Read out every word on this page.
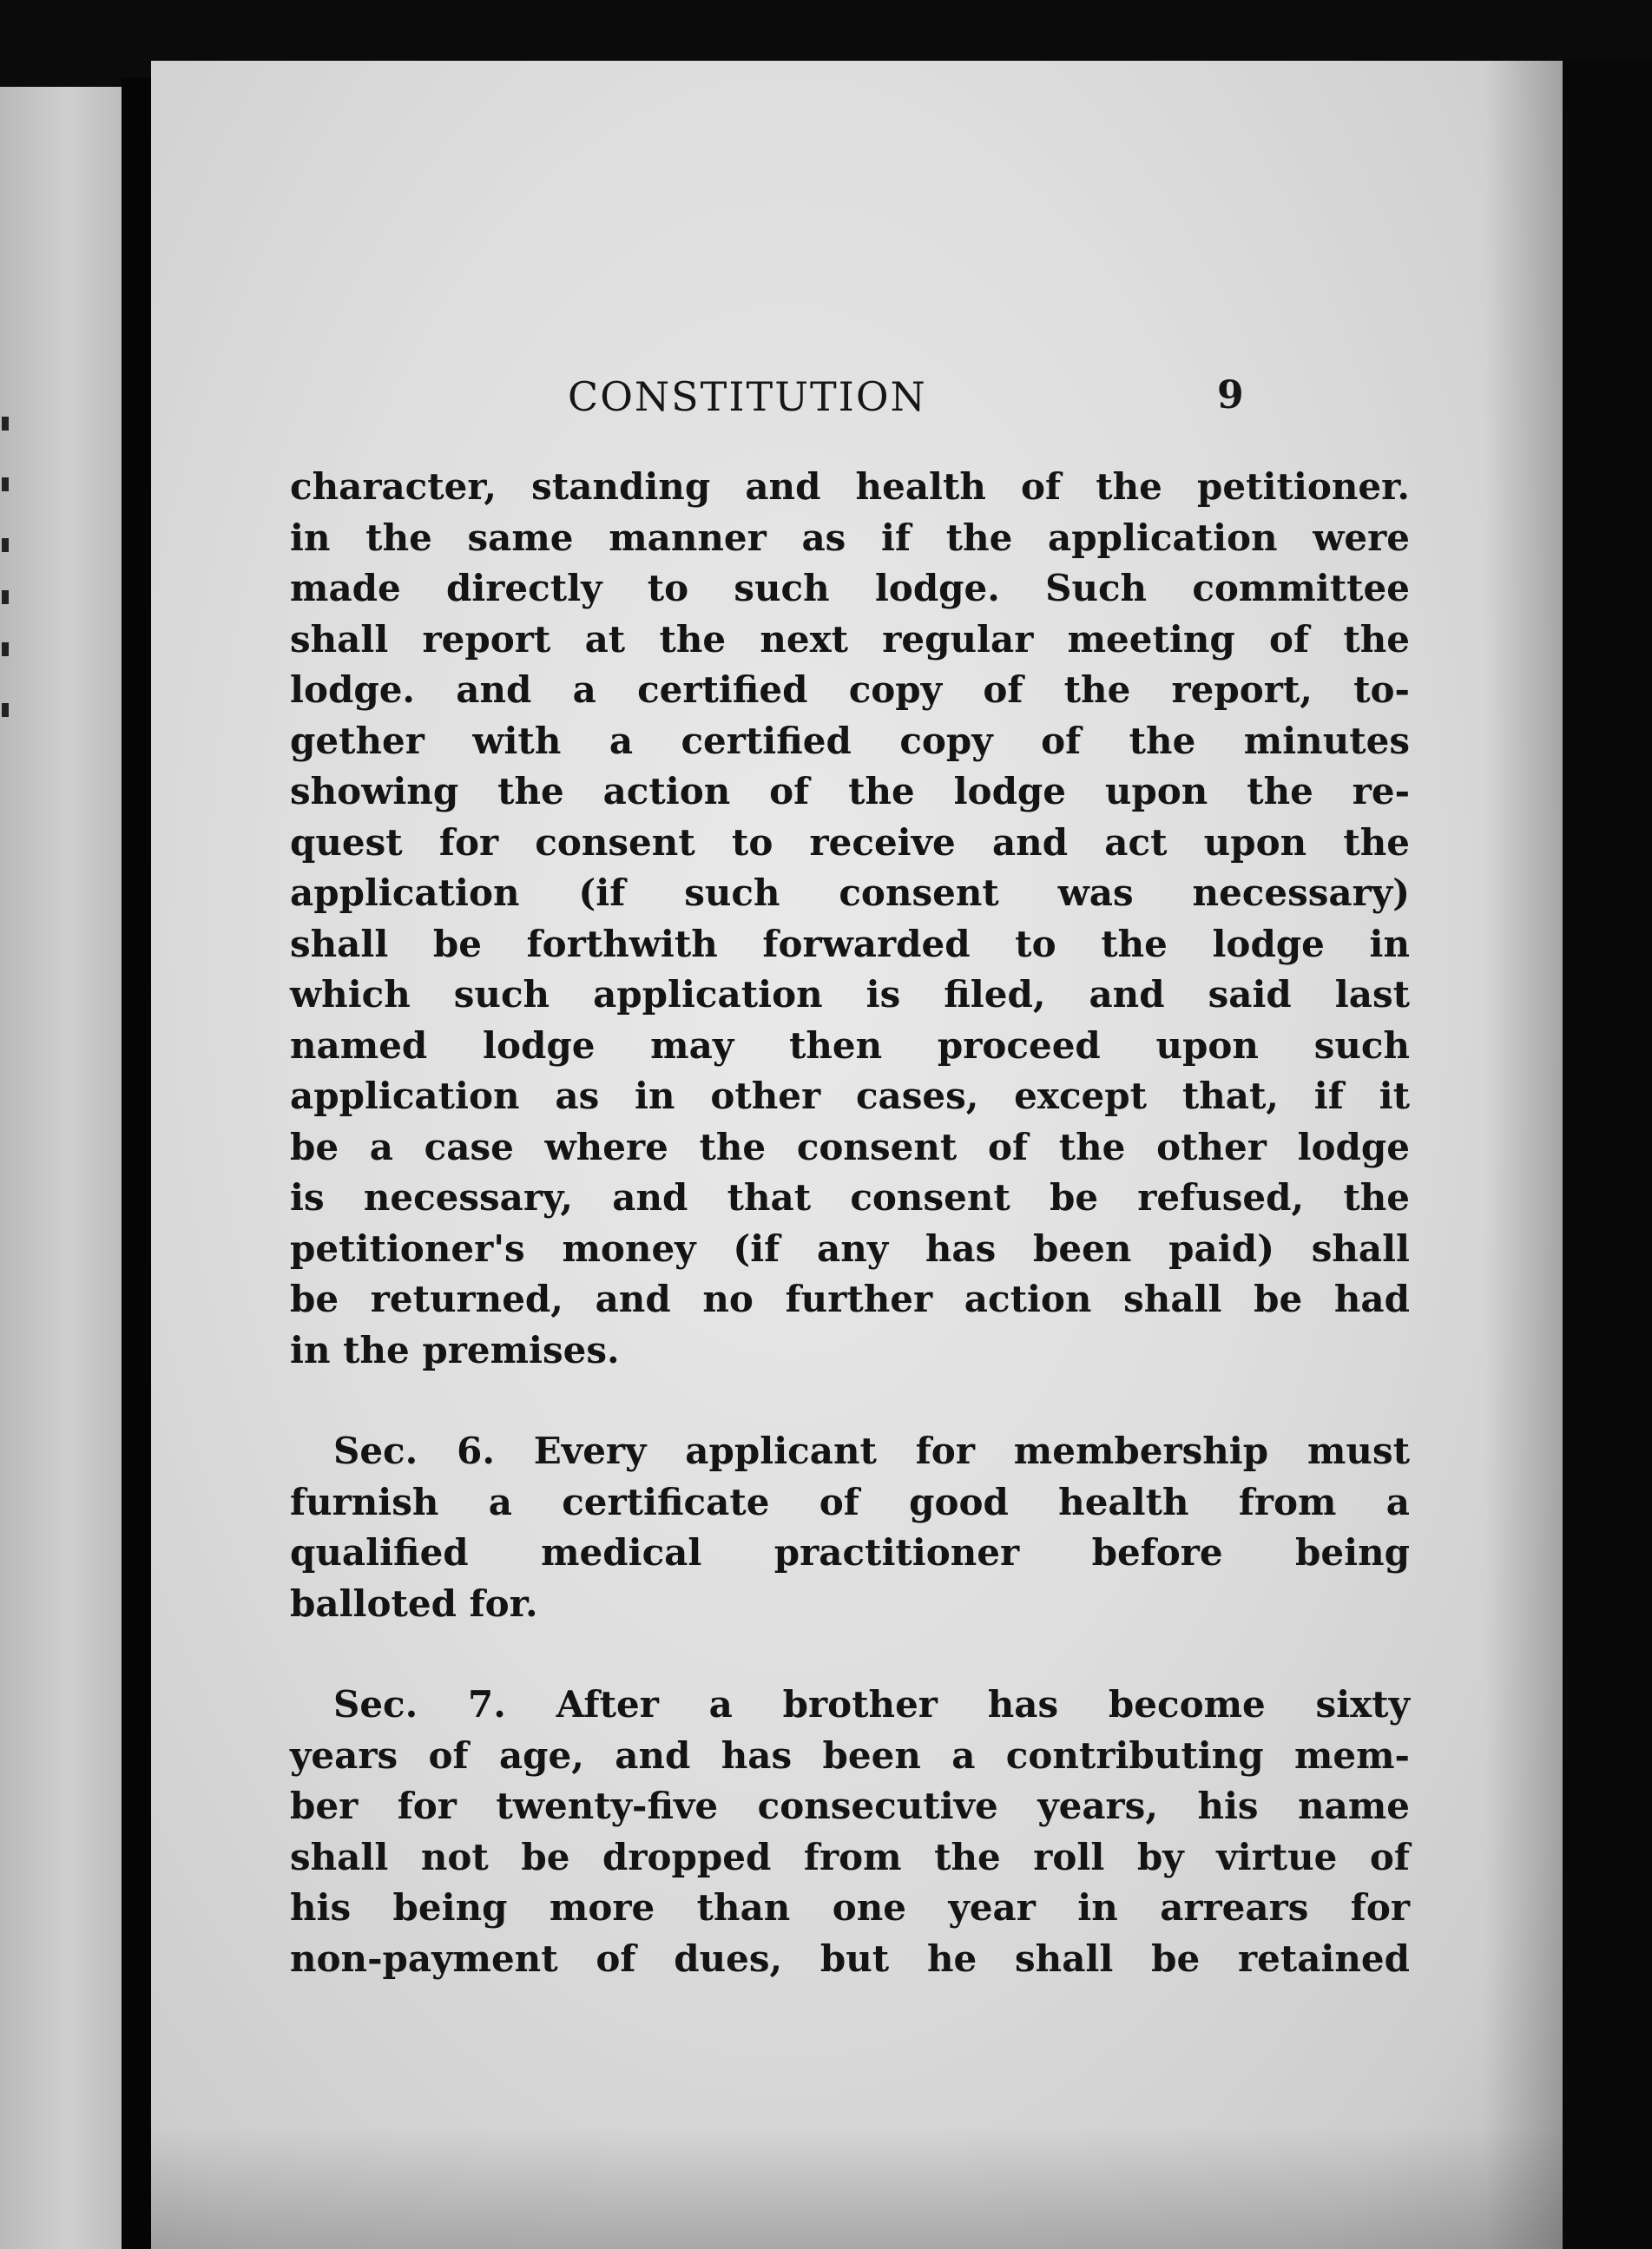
CONSTITUTION	9
character, standing and health of the petitioner.
in the same manner as if the application were
made directly to such lodge. Such committee
shall report at the next regular meeting of the
lodge. and a certified copy of the report, to-
gether with a certified copy of the minutes
showing the action of the lodge upon the re-
quest for consent to receive and act upon the
application (if such consent was necessary)
shall be forthwith forwarded to the lodge in
which such application is filed, and said last
named lodge may then proceed upon such
application as in other cases, except that, if it
be a case where the consent of the other lodge
is necessary, and that consent be refused, the
petitioner's money (if any has been paid) shall
be returned, and no further action shall be had
in the premises.
Sec. 6. Every applicant for membership must
furnish a certificate of good health from a
qualified medical practitioner before being
balloted for.
Sec. 7. After a brother has become sixty
years of age, and has been a contributing mem-
ber for twenty-five consecutive years, his name
shall not be dropped from the roll by virtue of
his being more than one year in arrears for
non-payment of dues, but he shall be retained
